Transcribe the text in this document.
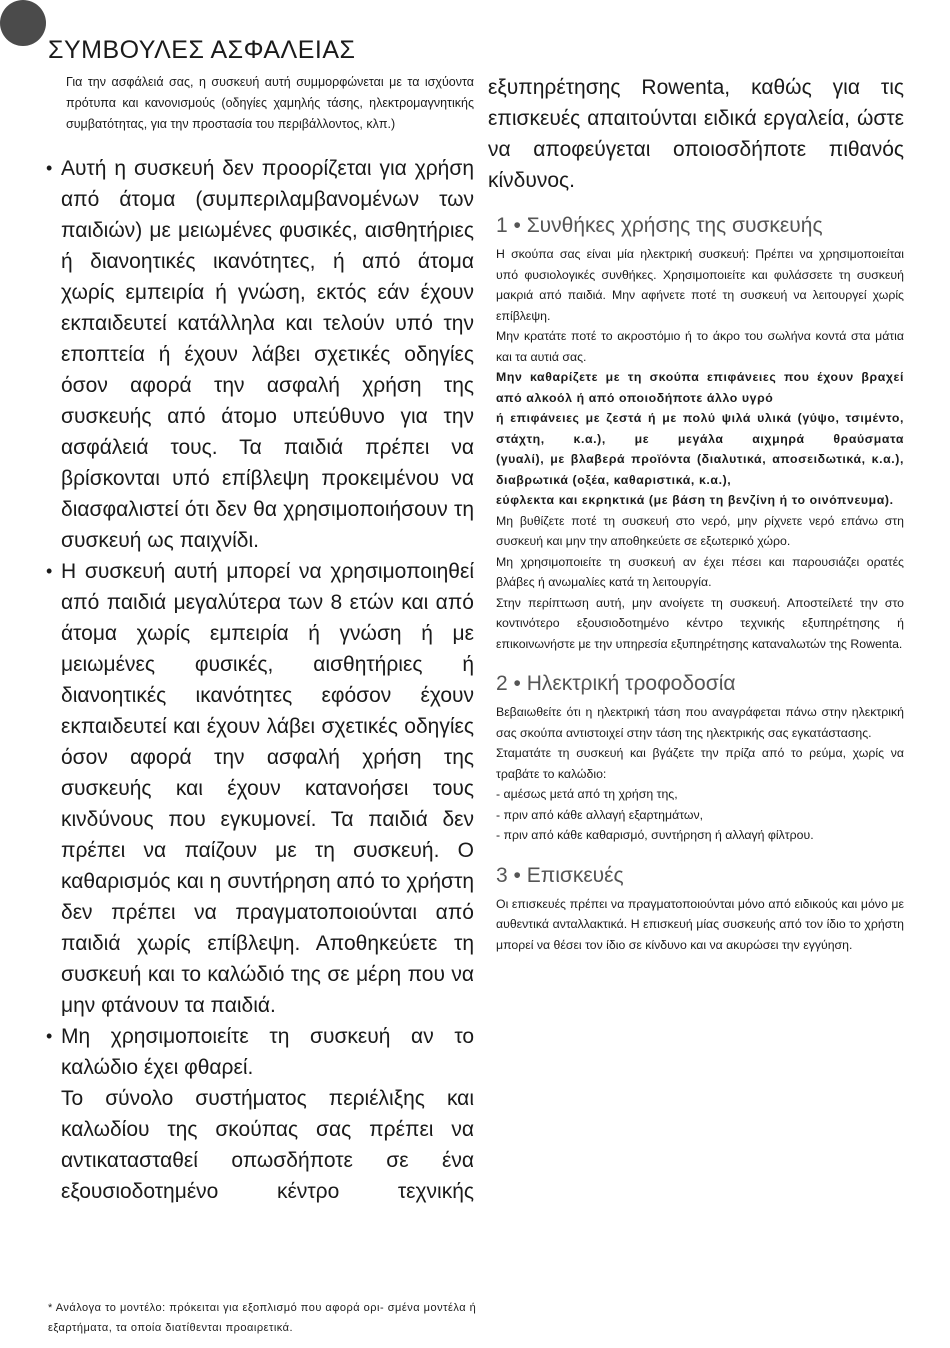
ΣΥΜΒΟΥΛΕΣ ΑΣΦΑΛΕΙΑΣ

Για την ασφάλειά σας, η συσκευή αυτή συμμορφώνεται με τα ισχύοντα πρότυπα και κανονισμούς (οδηγίες χαμηλής τάσης, ηλεκτρομαγνητικής συμβατότητας, για την προστασία του περιβάλλοντος, κλπ.)

• Αυτή η συσκευή δεν προορίζεται για χρήση από άτομα (συμπεριλαμβανομένων των παιδιών) με μειωμένες φυσικές, αισθητήριες ή διανοητικές ικανότητες, ή από άτομα χωρίς εμπειρία ή γνώση, εκτός εάν έχουν εκπαιδευτεί κατάλληλα και τελούν υπό την εποπτεία ή έχουν λάβει σχετικές οδηγίες όσον αφορά την ασφαλή χρήση της συσκευής από άτομο υπεύθυνο για την ασφάλειά τους. Τα παιδιά πρέπει να βρίσκονται υπό επίβλεψη προκειμένου να διασφαλιστεί ότι δεν θα χρησιμοποιήσουν τη συσκευή ως παιχνίδι.

• Η συσκευή αυτή μπορεί να χρησιμοποιηθεί από παιδιά μεγαλύτερα των 8 ετών και από άτομα χωρίς εμπειρία ή γνώση ή με μειωμένες φυσικές, αισθητήριες ή διανοητικές ικανότητες εφόσον έχουν εκπαιδευτεί και έχουν λάβει σχετικές οδηγίες όσον αφορά την ασφαλή χρήση της συσκευής και έχουν κατανοήσει τους κινδύνους που εγκυμονεί. Τα παιδιά δεν πρέπει να παίζουν με τη συσκευή. Ο καθαρισμός και η συντήρηση από το χρήστη δεν πρέπει να πραγματοποιούνται από παιδιά χωρίς επίβλεψη. Αποθηκεύετε τη συσκευή και το καλώδιό της σε μέρη που να μην φτάνουν τα παιδιά.

• Μη χρησιμοποιείτε τη συσκευή αν το καλώδιο έχει φθαρεί.

Το σύνολο συστήματος περιέλιξης και καλωδίου της σκούπας σας πρέπει να αντικατασταθεί οπωσδήποτε σε ένα εξουσιοδοτημένο κέντρο τεχνικής

εξυπηρέτησης Rowenta, καθώς για τις επισκευές απαιτούνται ειδικά εργαλεία, ώστε να αποφεύγεται οποιοσδήποτε πιθανός κίνδυνος.

1 • Συνθήκες χρήσης της συσκευής

Η σκούπα σας είναι μία ηλεκτρική συσκευή: Πρέπει να χρησιμοποιείται υπό φυσιολογικές συνθήκες. Χρησιμοποιείτε και φυλάσσετε τη συσκευή μακριά από παιδιά. Μην αφήνετε ποτέ τη συσκευή να λειτουργεί χωρίς επίβλεψη.

Μην κρατάτε ποτέ το ακροστόμιο ή το άκρο του σωλήνα κοντά στα μάτια και τα αυτιά σας.

Μην καθαρίζετε με τη σκούπα επιφάνειες που έχουν βραχεί από αλκοόλ ή από οποιοδήποτε άλλο υγρό

ή επιφάνειες με ζεστά ή με πολύ ψιλά υλικά (γύψο, τσιμέντο, στάχτη, κ.α.), με μεγάλα αιχμηρά θραύσματα

(γυαλί), με βλαβερά προϊόντα (διαλυτικά, αποσειδωτικά, κ.α.), διαβρωτικά (οξέα, καθαριστικά, κ.α.),

εύφλεκτα και εκρηκτικά (με βάση τη βενζίνη ή το οινόπνευμα).

Μη βυθίζετε ποτέ τη συσκευή στο νερό, μην ρίχνετε νερό επάνω στη συσκευή και μην την αποθηκεύετε σε εξωτερικό χώρο.

Μη χρησιμοποιείτε τη συσκευή αν έχει πέσει και παρουσιάζει ορατές βλάβες ή ανωμαλίες κατά τη λειτουργία.

Στην περίπτωση αυτή, μην ανοίγετε τη συσκευή. Αποστείλετέ την στο κοντινότερο εξουσιοδοτημένο κέντρο τεχνικής εξυπηρέτησης ή επικοινωνήστε με την υπηρεσία εξυπηρέτησης καταναλωτών της Rowenta.

2 • Ηλεκτρική τροφοδοσία

Βεβαιωθείτε ότι η ηλεκτρική τάση που αναγράφεται πάνω στην ηλεκτρική σας σκούπα αντιστοιχεί στην τάση της ηλεκτρικής σας εγκατάστασης.

Σταματάτε τη συσκευή και βγάζετε την πρίζα από το ρεύμα, χωρίς να τραβάτε το καλώδιο:

- αμέσως μετά από τη χρήση της,

- πριν από κάθε αλλαγή εξαρτημάτων,

- πριν από κάθε καθαρισμό, συντήρηση ή αλλαγή φίλτρου.

3 • Επισκευές

Οι επισκευές πρέπει να πραγματοποιούνται μόνο από ειδικούς και μόνο με αυθεντικά ανταλλακτικά. Η επισκευή μίας συσκευής από τον ίδιο το χρήστη μπορεί να θέσει τον ίδιο σε κίνδυνο και να ακυρώσει την εγγύηση.

* Ανάλογα το μοντέλο: πρόκειται για εξοπλισμό που αφορά ορι- σμένα μοντέλα ή εξαρτήματα, τα οποία διατίθενται προαιρετικά.
